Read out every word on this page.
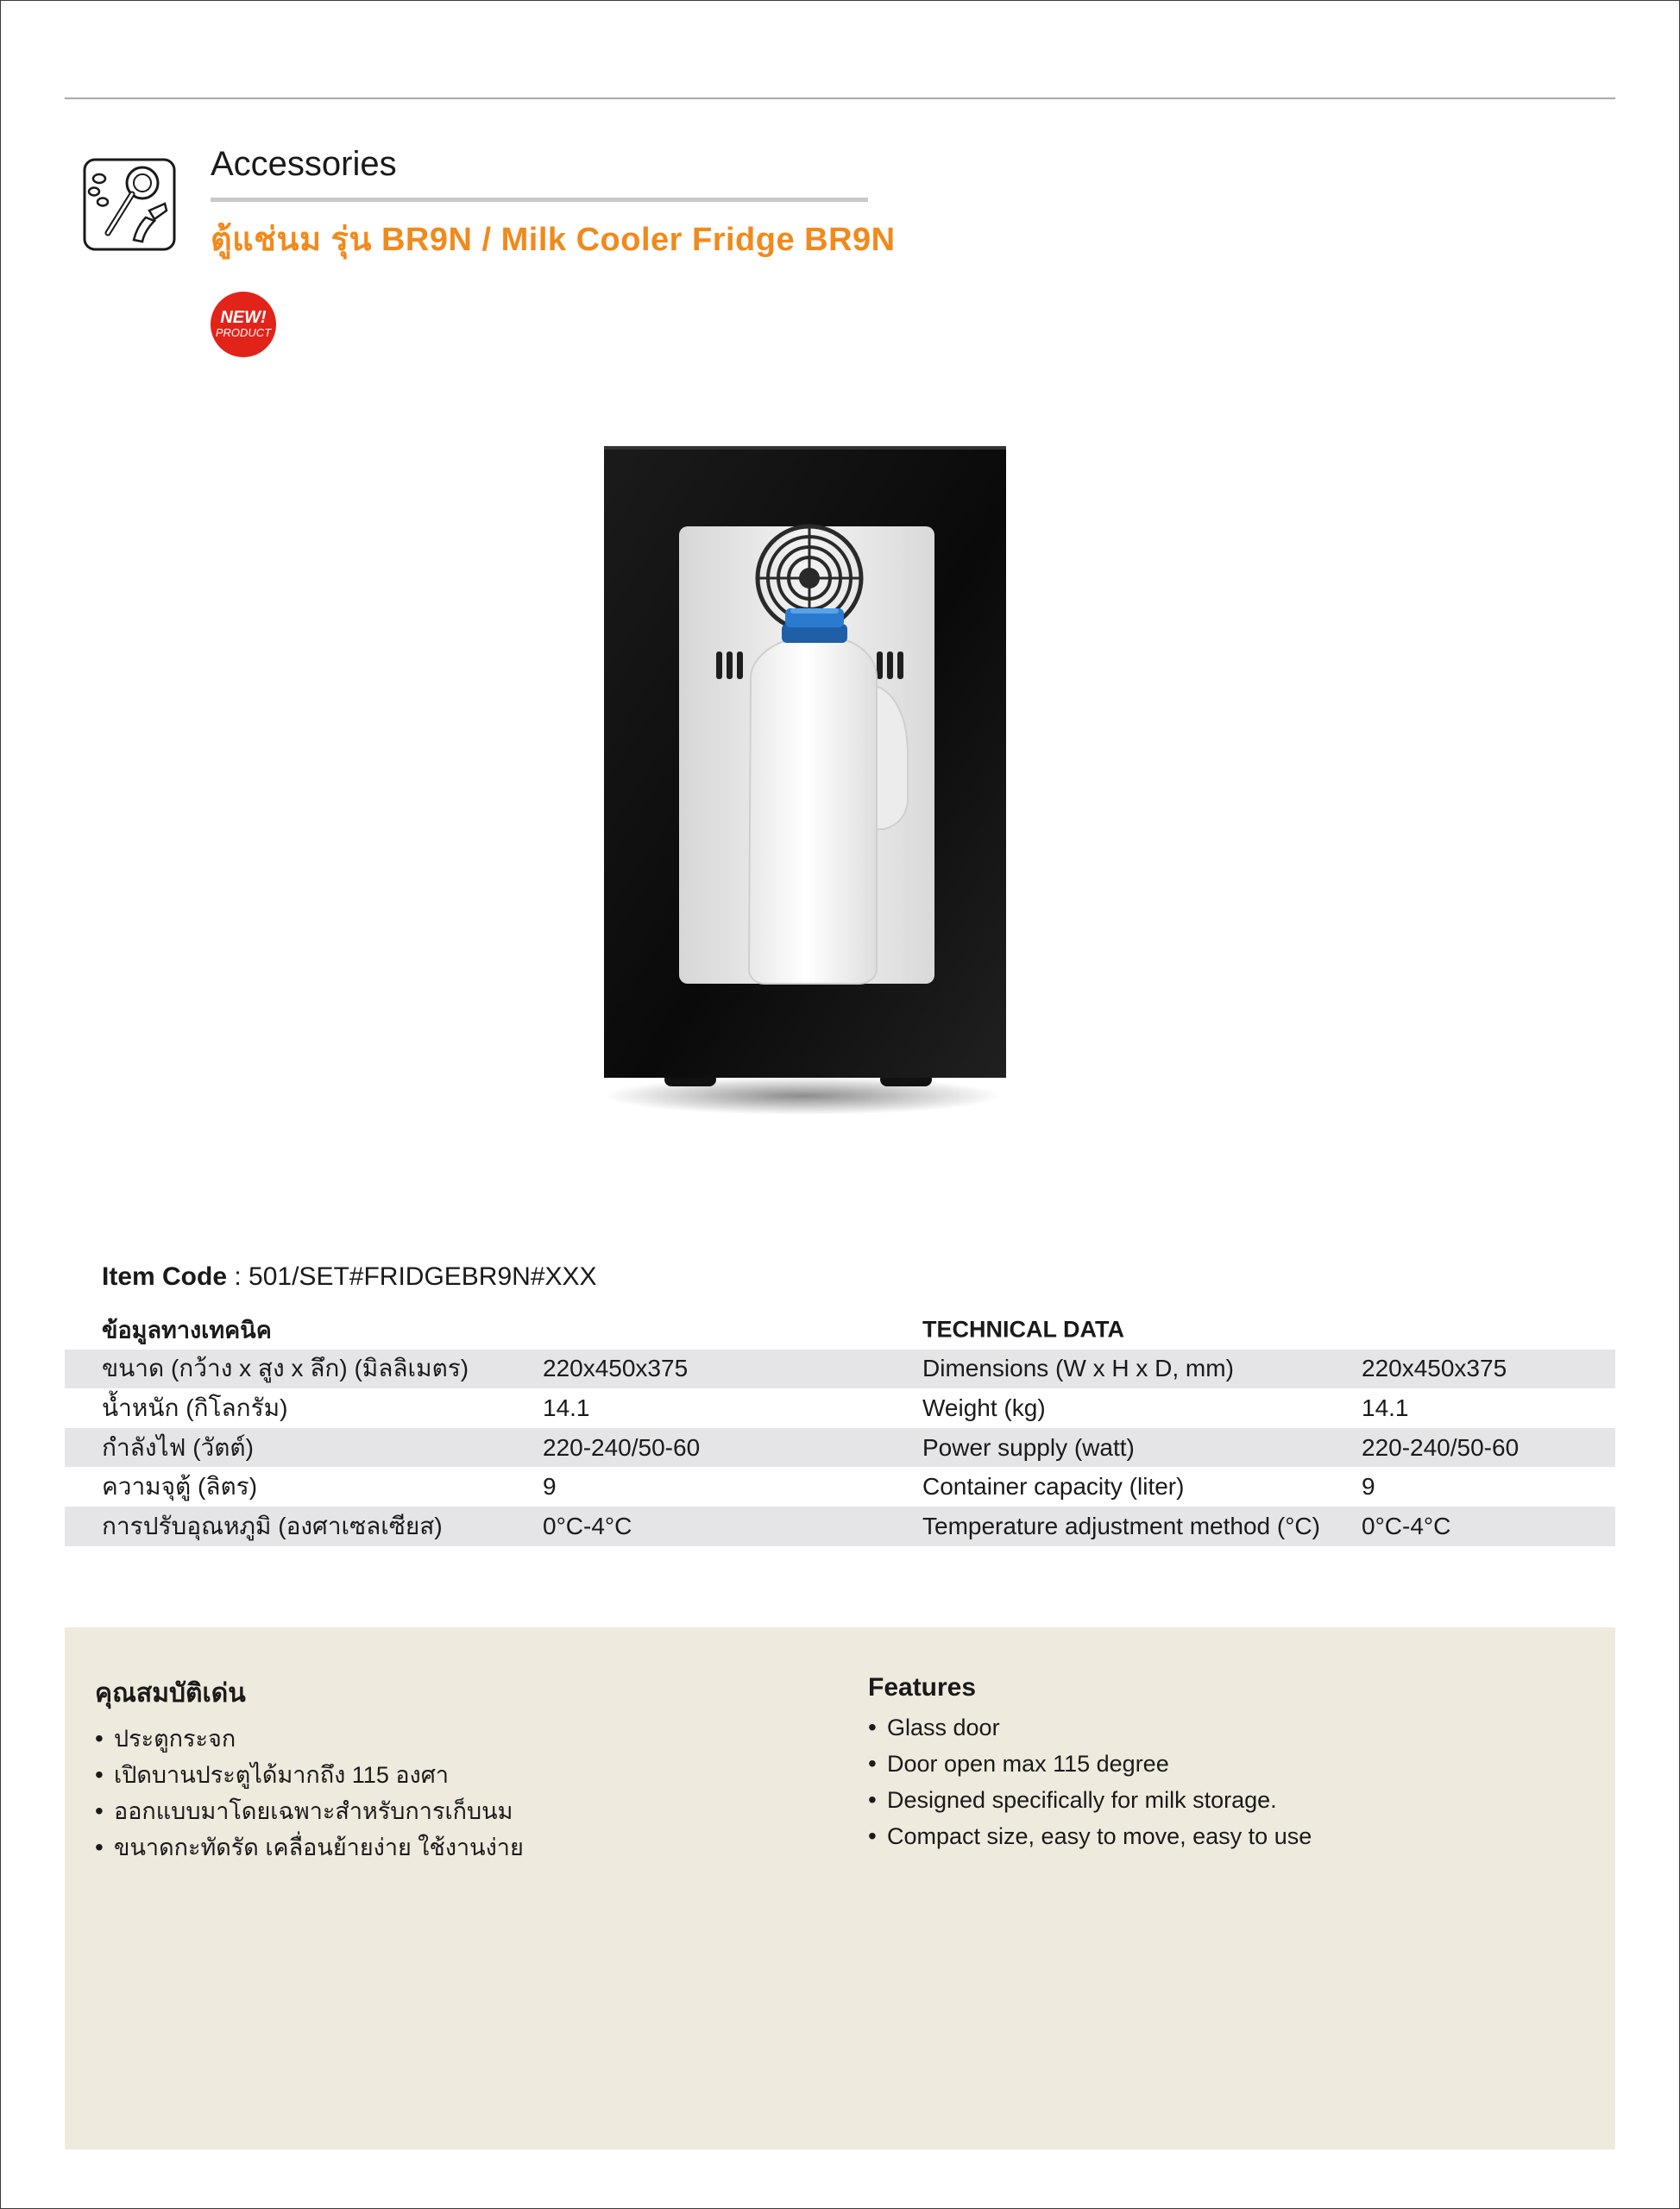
Accessories
ตู้แช่นม รุ่น BR9N / Milk Cooler Fridge BR9N
NEW!
PRODUCT
Item Code : 501/SET#FRIDGEBR9N#XXX
ข้อมูลทางเทคนิค	TECHNICAL DATA
ขนาด (กว้าง x สูง x ลึก) (มิลลิเมตร)	220x450x375	Dimensions (W x H x D, mm)	220x450x375
น้ำหนัก (กิโลกรัม)	14.1	Weight (kg)	14.1
กำลังไฟ (วัตต์)	220-240/50-60	Power supply (watt)	220-240/50-60
ความจุตู้ (ลิตร)	9	Container capacity (liter)	9
การปรับอุณหภูมิ (องศาเซลเซียส)	0°C-4°C	Temperature adjustment method (°C) 0°C-4°C
คุณสมบัติเด่น
• ประตูกระจก
• เปิดบานประตูได้มากถึง 115 องศา
• ออกแบบมาโดยเฉพาะสำหรับการเก็บนม
• ขนาดกะทัดรัด เคลื่อนย้ายง่าย ใช้งานง่าย
Features
• Glass door
• Door open max 115 degree
• Designed specifically for milk storage.
• Compact size, easy to move, easy to use
